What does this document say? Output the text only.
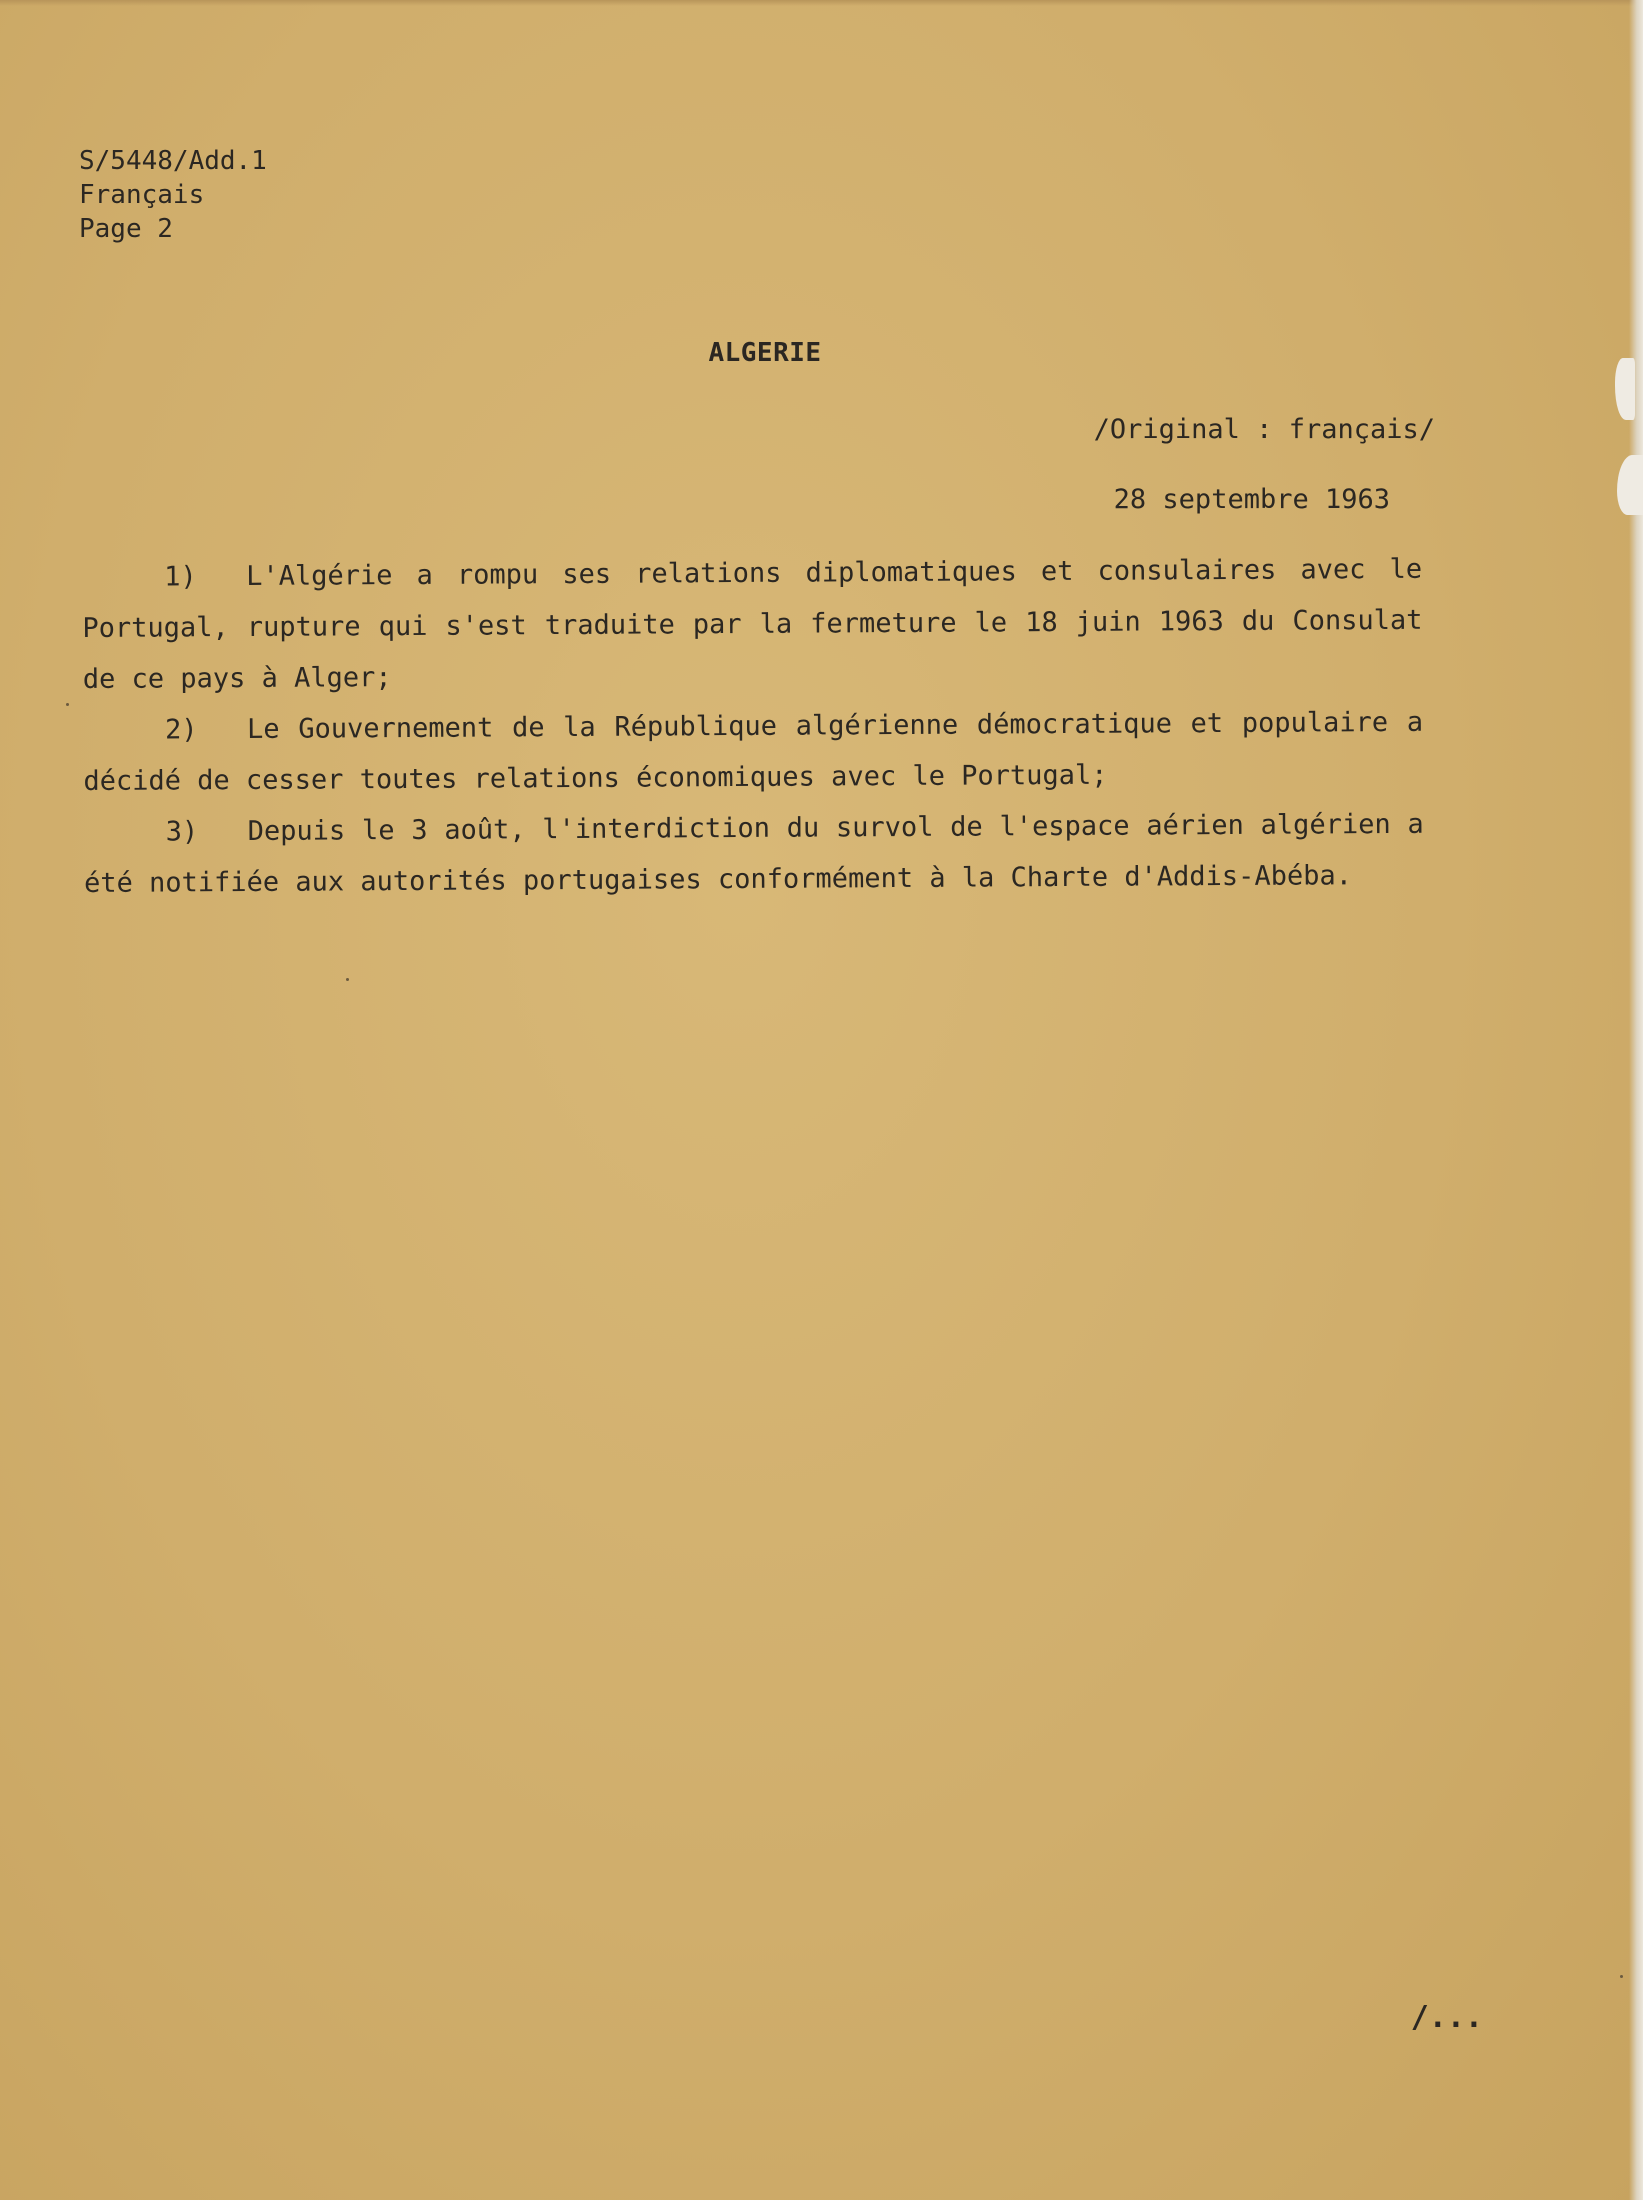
S/5448/Add.1
Français
Page 2
ALGERIE
/Original : français/
28 septembre 1963

1) L'Algérie a rompu ses relations diplomatiques et consulaires avec le Portugal, rupture qui s'est traduite par la fermeture le 18 juin 1963 du Consulat de ce pays à Alger;

2) Le Gouvernement de la République algérienne démocratique et populaire a décidé de cesser toutes relations économiques avec le Portugal;

3) Depuis le 3 août, l'interdiction du survol de l'espace aérien algérien a été notifiée aux autorités portugaises conformément à la Charte d'Addis-Abéba.

/...
